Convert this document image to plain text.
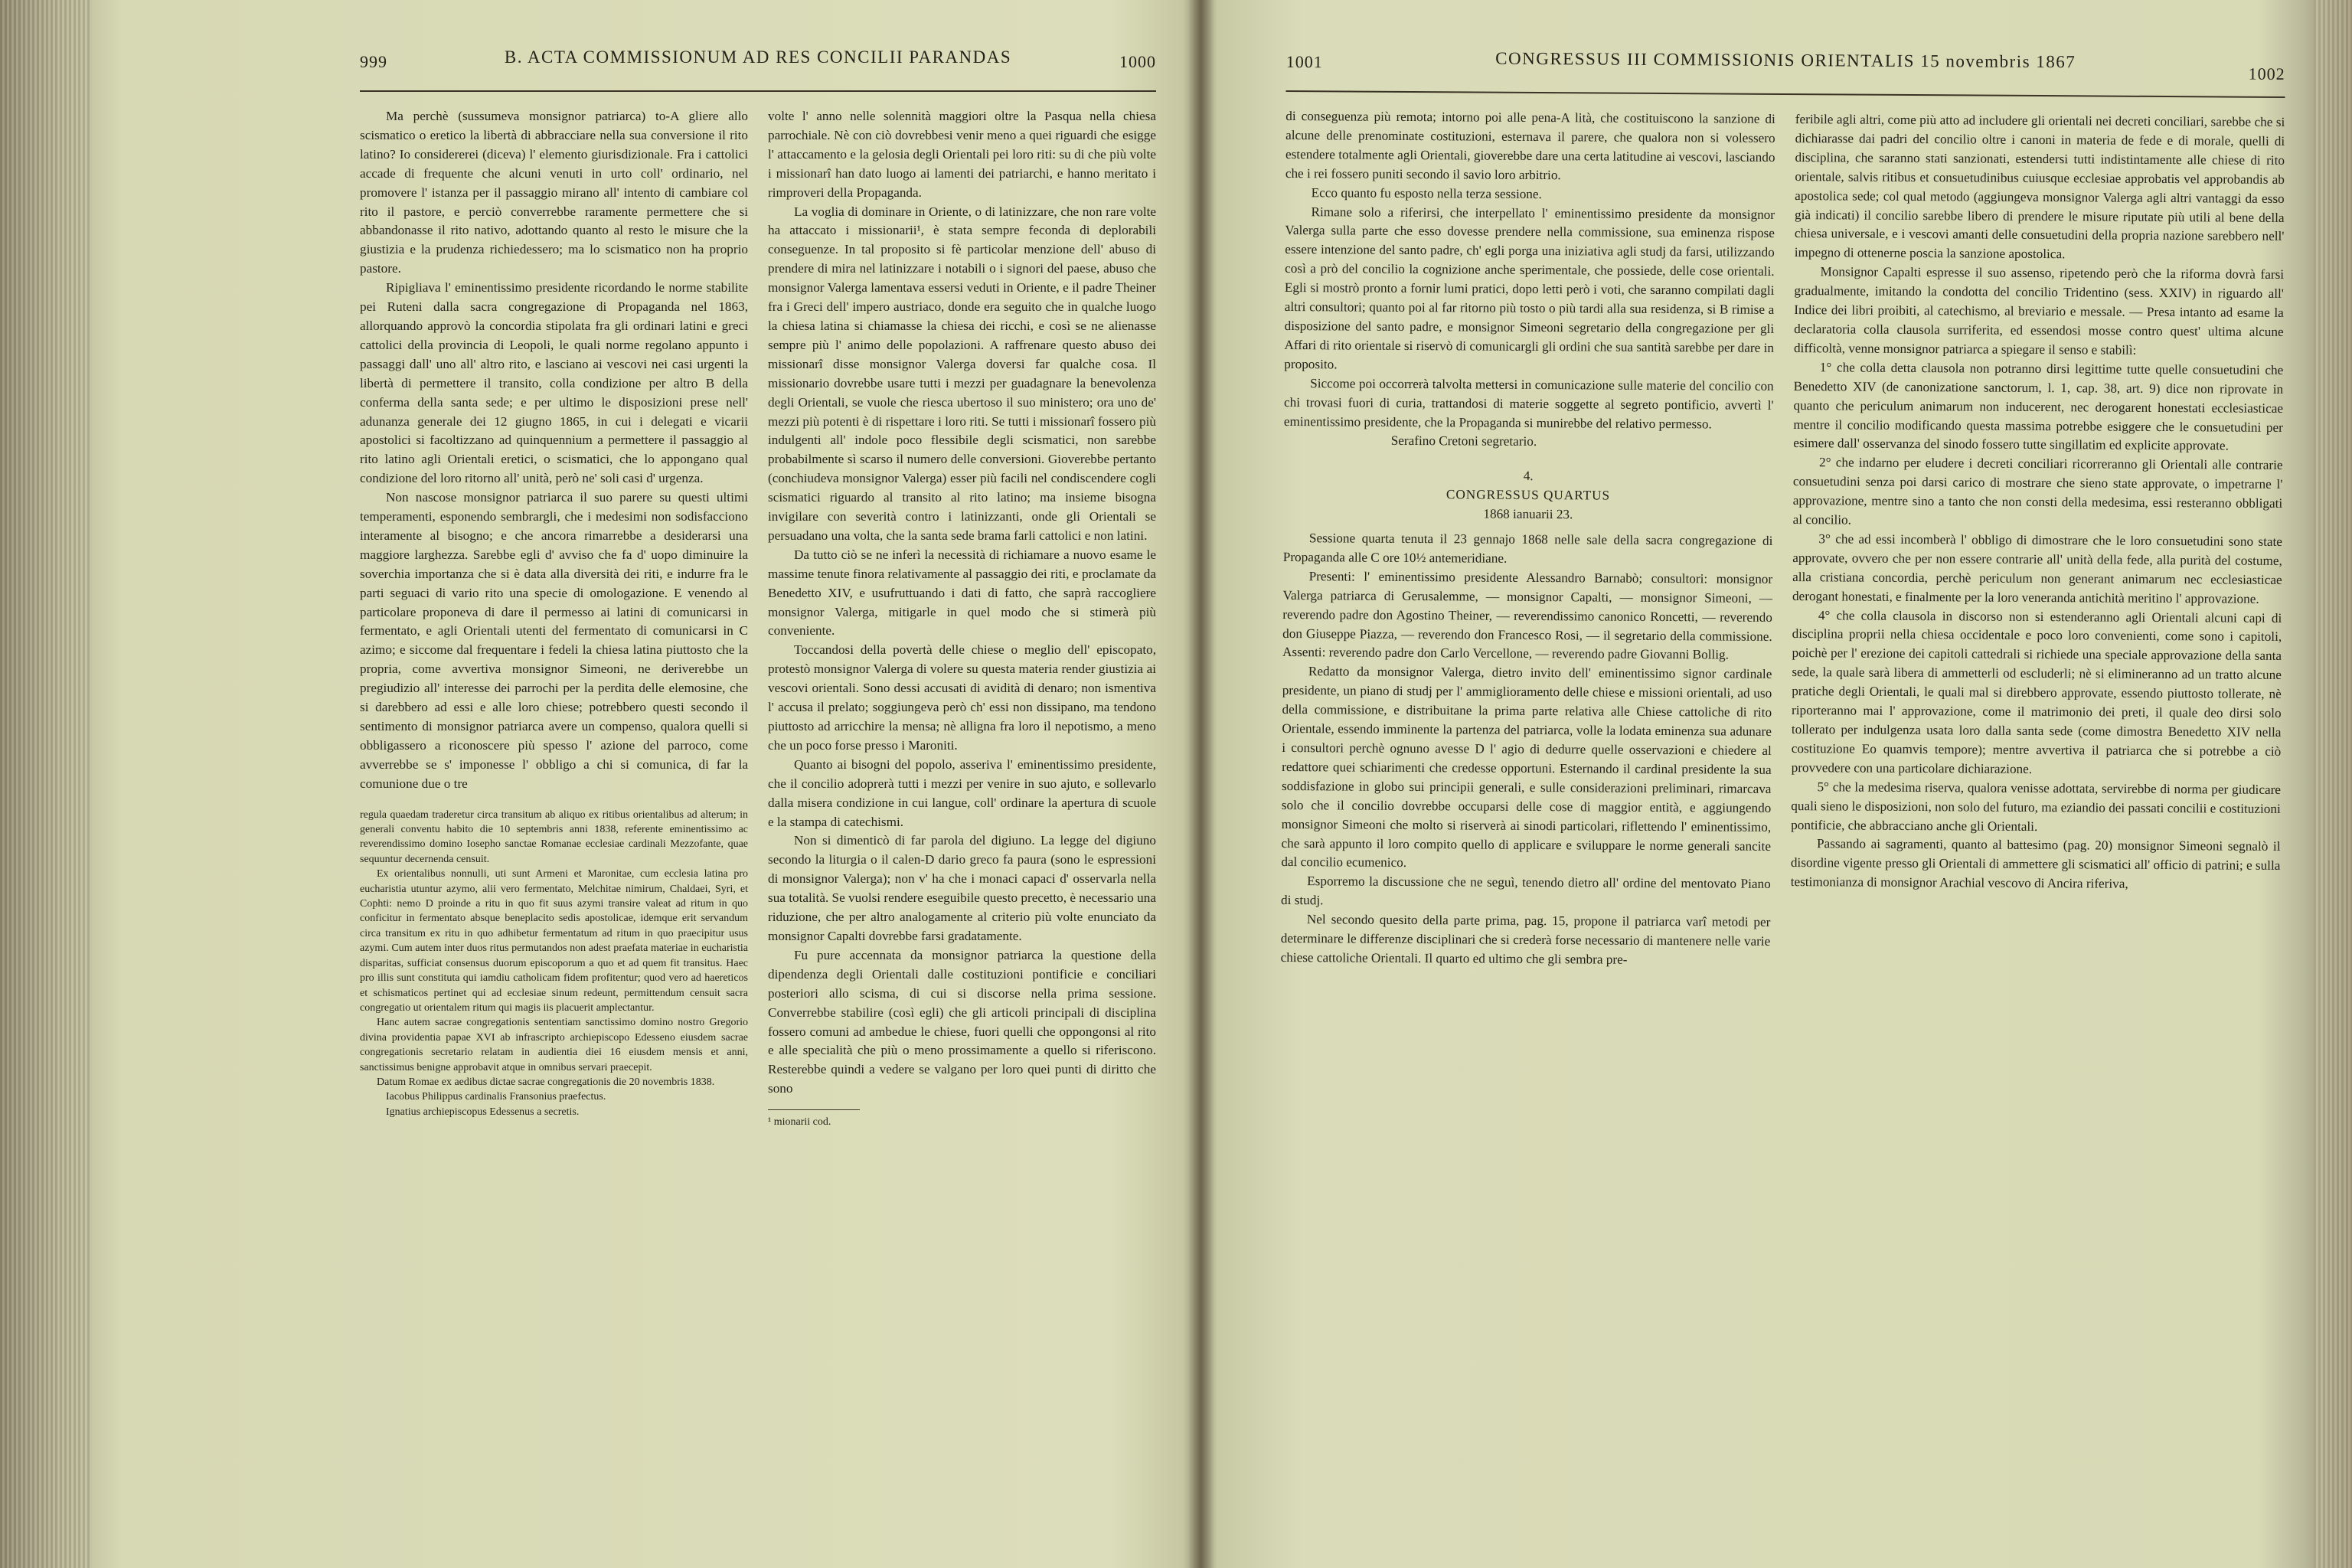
999	B. ACTA COMMISSIONUM AD RES CONCILII PARANDAS	1000

Ma perchè (sussumeva monsignor patriarca) to-A gliere allo scismatico o eretico la libertà di abbracciare nella sua conversione il rito latino? Io considererei (diceva) l' elemento giurisdizionale. Fra i cattolici accade di frequente che alcuni venuti in urto coll' ordinario, nel promovere l' istanza per il passaggio mirano all' intento di cambiare col rito il pastore, e perciò converrebbe raramente permettere che si abbandonasse il rito nativo, adottando quanto al resto le misure che la giustizia e la prudenza richiedessero; ma lo scismatico non ha proprio pastore.

Ripigliava l' eminentissimo presidente ricordando le norme stabilite pei Ruteni dalla sacra congregazione di Propaganda nel 1863, allorquando approvò la concordia stipolata fra gli ordinari latini e greci cattolici della provincia di Leopoli, le quali norme regolano appunto i passaggi dall' uno all' altro rito, e lasciano ai vescovi nei casi urgenti la libertà di permettere il transito, colla condizione per altro B della conferma della santa sede; e per ultimo le disposizioni prese nell' adunanza generale dei 12 giugno 1865, in cui i delegati e vicarii apostolici si facoltizzano ad quinquennium a permettere il passaggio al rito latino agli Orientali eretici, o scismatici, che lo appongano qual condizione del loro ritorno all' unità, però ne' soli casi d' urgenza.

Non nascose monsignor patriarca il suo parere su questi ultimi temperamenti, esponendo sembrargli, che i medesimi non sodisfacciono interamente al bisogno; e che ancora rimarrebbe a desiderarsi una maggiore larghezza. Sarebbe egli d' avviso che fa d' uopo diminuire la soverchia importanza che si è data alla diversità dei riti, e indurre fra le parti seguaci di vario rito una specie di omologazione. E venendo al particolare proponeva di dare il permesso ai latini di comunicarsi in fermentato, e agli Orientali utenti del fermentato di comunicarsi in C azimo; e siccome dal frequentare i fedeli la chiesa latina piuttosto che la propria, come avvertiva monsignor Simeoni, ne deriverebbe un pregiudizio all' interesse dei parrochi per la perdita delle elemosine, che si darebbero ad essi e alle loro chiese; potrebbero questi secondo il sentimento di monsignor patriarca avere un compenso, qualora quelli si obbligassero a riconoscere più spesso l' azione del parroco, come avverrebbe se s' imponesse l' obbligo a chi si comunica, di far la comunione due o tre

regula quaedam traderetur circa transitum ab aliquo ex ritibus orientalibus ad alterum; in generali conventu habito die 10 septembris anni 1838, referente eminentissimo ac reverendissimo domino Iosepho sanctae Romanae ecclesiae cardinali Mezzofante, quae sequuntur decernenda censuit.

Ex orientalibus nonnulli, uti sunt Armeni et Maronitae, cum ecclesia latina pro eucharistia utuntur azymo, alii vero fermentato, Melchitae nimirum, Chaldaei, Syri, et Cophti: nemo D proinde a ritu in quo fit suus azymi transire valeat ad ritum in quo conficitur in fermentato absque beneplacito sedis apostolicae, idemque erit servandum circa transitum ex ritu in quo adhibetur fermentatum ad ritum in quo praecipitur usus azymi. Cum autem inter duos ritus permutandos non adest praefata materiae in eucharistia disparitas, sufficiat consensus duorum episcoporum a quo et ad quem fit transitus. Haec pro illis sunt constituta qui iamdiu catholicam fidem profitentur; quod vero ad haereticos et schismaticos pertinet qui ad ecclesiae sinum redeunt, permittendum censuit sacra congregatio ut orientalem ritum qui magis iis placuerit amplectantur.

Hanc autem sacrae congregationis sententiam sanctissimo domino nostro Gregorio divina providentia papae XVI ab infrascripto archiepiscopo Edesseno eiusdem sacrae congregationis secretario relatam in audientia diei 16 eiusdem mensis et anni, sanctissimus benigne approbavit atque in omnibus servari praecepit.

Datum Romae ex aedibus dictae sacrae congregationis die 20 novembris 1838.

Iacobus Philippus cardinalis Fransonius praefectus.

Ignatius archiepiscopus Edessenus a secretis.

volte l' anno nelle solennità maggiori oltre la Pasqua nella chiesa parrochiale. Nè con ciò dovrebbesi venir meno a quei riguardi che esigge l' attaccamento e la gelosia degli Orientali pei loro riti: su di che più volte i missionarî han dato luogo ai lamenti dei patriarchi, e hanno meritato i rimproveri della Propaganda.

La voglia di dominare in Oriente, o di latinizzare, che non rare volte ha attaccato i missionarii¹, è stata sempre feconda di deplorabili conseguenze. In tal proposito si fè particolar menzione dell' abuso di prendere di mira nel latinizzare i notabili o i signori del paese, abuso che monsignor Valerga lamentava essersi veduti in Oriente, e il padre Theiner fra i Greci dell' impero austriaco, donde era seguito che in qualche luogo la chiesa latina si chiamasse la chiesa dei ricchi, e così se ne alienasse sempre più l' animo delle popolazioni. A raffrenare questo abuso dei missionarî disse monsignor Valerga doversi far qualche cosa. Il missionario dovrebbe usare tutti i mezzi per guadagnare la benevolenza degli Orientali, se vuole che riesca ubertoso il suo ministero; ora uno de' mezzi più potenti è di rispettare i loro riti. Se tutti i missionarî fossero più indulgenti all' indole poco flessibile degli scismatici, non sarebbe probabilmente sì scarso il numero delle conversioni. Gioverebbe pertanto (conchiudeva monsignor Valerga) esser più facili nel condiscendere cogli scismatici riguardo al transito al rito latino; ma insieme bisogna invigilare con severità contro i latinizzanti, onde gli Orientali se persuadano una volta, che la santa sede brama farli cattolici e non latini.

Da tutto ciò se ne inferì la necessità di richiamare a nuovo esame le massime tenute finora relativamente al passaggio dei riti, e proclamate da Benedetto XIV, e usufruttuando i dati di fatto, che saprà raccogliere monsignor Valerga, mitigarle in quel modo che si stimerà più conveniente.

Toccandosi della povertà delle chiese o meglio dell' episcopato, protestò monsignor Valerga di volere su questa materia render giustizia ai vescovi orientali. Sono dessi accusati di avidità di denaro; non ismentiva l' accusa il prelato; soggiungeva però ch' essi non dissipano, ma tendono piuttosto ad arricchire la mensa; nè alligna fra loro il nepotismo, a meno che un poco forse presso i Maroniti.

Quanto ai bisogni del popolo, asseriva l' eminentissimo presidente, che il concilio adoprerà tutti i mezzi per venire in suo ajuto, e sollevarlo dalla misera condizione in cui langue, coll' ordinare la apertura di scuole e la stampa di catechismi.

Non si dimenticò di far parola del digiuno. La legge del digiuno secondo la liturgia o il calen-D dario greco fa paura (sono le espressioni di monsignor Valerga); non v' ha che i monaci capaci d' osservarla nella sua totalità. Se vuolsi rendere eseguibile questo precetto, è necessario una riduzione, che per altro analogamente al criterio più volte enunciato da monsignor Capalti dovrebbe farsi gradatamente.

Fu pure accennata da monsignor patriarca la questione della dipendenza degli Orientali dalle costituzioni pontificie e conciliari posteriori allo scisma, di cui si discorse nella prima sessione. Converrebbe stabilire (così egli) che gli articoli principali di disciplina fossero comuni ad ambedue le chiese, fuori quelli che oppongonsi al rito e alle specialità che più o meno prossimamente a quello si riferiscono. Resterebbe quindi a vedere se valgano per loro quei punti di diritto che sono

¹ mionarii cod.
1001	CONGRESSUS III COMMISSIONIS ORIENTALIS 15 novembris 1867
1002

di conseguenza più remota; intorno poi alle pena-A lità, che costituiscono la sanzione di alcune delle prenominate costituzioni, esternava il parere, che qualora non si volessero estendere totalmente agli Orientali, gioverebbe dare una certa latitudine ai vescovi, lasciando che i rei fossero puniti secondo il savio loro arbitrio.

Ecco quanto fu esposto nella terza sessione.

Rimane solo a riferirsi, che interpellato l' eminentissimo presidente da monsignor Valerga sulla parte che esso dovesse prendere nella commissione, sua eminenza rispose essere intenzione del santo padre, ch' egli porga una iniziativa agli studj da farsi, utilizzando così a prò del concilio la cognizione anche sperimentale, che possiede, delle cose orientali. Egli si mostrò pronto a fornir lumi pratici, dopo letti però i voti, che saranno compilati dagli altri consultori; quanto poi al far ritorno più tosto o più tardi alla sua residenza, si B rimise a disposizione del santo padre, e monsignor Simeoni segretario della congregazione per gli Affari di rito orientale si riservò di comunicargli gli ordini che sua santità sarebbe per dare in proposito.

Siccome poi occorrerà talvolta mettersi in comunicazione sulle materie del concilio con chi trovasi fuori di curia, trattandosi di materie soggette al segreto pontificio, avvertì l' eminentissimo presidente, che la Propaganda si munirebbe del relativo permesso.

Serafino Cretoni segretario.

4.

CONGRESSUS QUARTUS

1868 ianuarii 23.

Sessione quarta tenuta il 23 gennajo 1868 nelle sale della sacra congregazione di Propaganda alle C ore 10½ antemeridiane.

Presenti: l' eminentissimo presidente Alessandro Barnabò; consultori: monsignor Valerga patriarca di Gerusalemme, — monsignor Capalti, — monsignor Simeoni, — reverendo padre don Agostino Theiner, — reverendissimo canonico Roncetti, — reverendo don Giuseppe Piazza, — reverendo don Francesco Rosi, — il segretario della commissione. Assenti: reverendo padre don Carlo Vercellone, — reverendo padre Giovanni Bollig.

Redatto da monsignor Valerga, dietro invito dell' eminentissimo signor cardinale presidente, un piano di studj per l' ammiglioramento delle chiese e missioni orientali, ad uso della commissione, e distribuitane la prima parte relativa alle Chiese cattoliche di rito Orientale, essendo imminente la partenza del patriarca, volle la lodata eminenza sua adunare i consultori perchè ognuno avesse D l' agio di dedurre quelle osservazioni e chiedere al redattore quei schiarimenti che credesse opportuni. Esternando il cardinal presidente la sua soddisfazione in globo sui principii generali, e sulle considerazioni preliminari, rimarcava solo che il concilio dovrebbe occuparsi delle cose di maggior entità, e aggiungendo monsignor Simeoni che molto si riserverà ai sinodi particolari, riflettendo l' eminentissimo, che sarà appunto il loro compito quello di applicare e sviluppare le norme generali sancite dal concilio ecumenico.

Esporremo la discussione che ne seguì, tenendo dietro all' ordine del mentovato Piano di studj.

Nel secondo quesito della parte prima, pag. 15, propone il patriarca varî metodi per determinare le differenze disciplinari che si crederà forse necessario di mantenere nelle varie chiese cattoliche Orientali. Il quarto ed ultimo che gli sembra pre-

feribile agli altri, come più atto ad includere gli orientali nei decreti conciliari, sarebbe che si dichiarasse dai padri del concilio oltre i canoni in materia de fede e di morale, quelli di disciplina, che saranno stati sanzionati, estendersi tutti indistintamente alle chiese di rito orientale, salvis ritibus et consuetudinibus cuiusque ecclesiae approbatis vel approbandis ab apostolica sede; col qual metodo (aggiungeva monsignor Valerga agli altri vantaggi da esso già indicati) il concilio sarebbe libero di prendere le misure riputate più utili al bene della chiesa universale, e i vescovi amanti delle consuetudini della propria nazione sarebbero nell' impegno di ottenerne poscia la sanzione apostolica.

Monsignor Capalti espresse il suo assenso, ripetendo però che la riforma dovrà farsi gradualmente, imitando la condotta del concilio Tridentino (sess. XXIV) in riguardo all' Indice dei libri proibiti, al catechismo, al breviario e messale. — Presa intanto ad esame la declaratoria colla clausola surriferita, ed essendosi mosse contro quest' ultima alcune difficoltà, venne monsignor patriarca a spiegare il senso e stabilì:

1° che colla detta clausola non potranno dirsi legittime tutte quelle consuetudini che Benedetto XIV (de canonizatione sanctorum, l. 1, cap. 38, art. 9) dice non riprovate in quanto che periculum animarum non inducerent, nec derogarent honestati ecclesiasticae mentre il concilio modificando questa massima potrebbe esiggere che le consuetudini per esimere dall' osservanza del sinodo fossero tutte singillatim ed explicite approvate.

2° che indarno per eludere i decreti conciliari ricorreranno gli Orientali alle contrarie consuetudini senza poi darsi carico di mostrare che sieno state approvate, o impetrarne l' approvazione, mentre sino a tanto che non consti della medesima, essi resteranno obbligati al concilio.

3° che ad essi incomberà l' obbligo di dimostrare che le loro consuetudini sono state approvate, ovvero che per non essere contrarie all' unità della fede, alla purità del costume, alla cristiana concordia, perchè periculum non generant animarum nec ecclesiasticae derogant honestati, e finalmente per la loro veneranda antichità meritino l' approvazione.

4° che colla clausola in discorso non si estenderanno agli Orientali alcuni capi di disciplina proprii nella chiesa occidentale e poco loro convenienti, come sono i capitoli, poichè per l' erezione dei capitoli cattedrali si richiede una speciale approvazione della santa sede, la quale sarà libera di ammetterli od escluderli; nè si elimineranno ad un tratto alcune pratiche degli Orientali, le quali mal si direbbero approvate, essendo piuttosto tollerate, nè riporteranno mai l' approvazione, come il matrimonio dei preti, il quale deo dirsi solo tollerato per indulgenza usata loro dalla santa sede (come dimostra Benedetto XIV nella costituzione Eo quamvis tempore); mentre avvertiva il patriarca che si potrebbe a ciò provvedere con una particolare dichiarazione.

5° che la medesima riserva, qualora venisse adottata, servirebbe di norma per giudicare quali sieno le disposizioni, non solo del futuro, ma eziandio dei passati concilii e costituzioni pontificie, che abbracciano anche gli Orientali.

Passando ai sagramenti, quanto al battesimo (pag. 20) monsignor Simeoni segnalò il disordine vigente presso gli Orientali di ammettere gli scismatici all' officio di patrini; e sulla testimonianza di monsignor Arachial vescovo di Ancira riferiva,
